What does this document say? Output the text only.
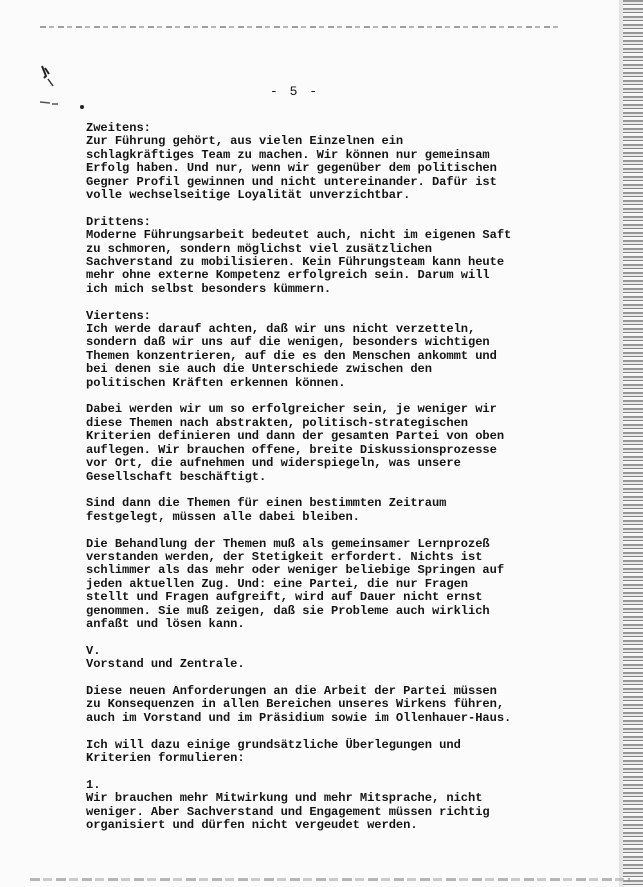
- 5 -

Zweitens:
Zur Führung gehört, aus vielen Einzelnen ein
schlagkräftiges Team zu machen. Wir können nur gemeinsam
Erfolg haben. Und nur, wenn wir gegenüber dem politischen
Gegner Profil gewinnen und nicht untereinander. Dafür ist
volle wechselseitige Loyalität unverzichtbar.

Drittens:
Moderne Führungsarbeit bedeutet auch, nicht im eigenen Saft
zu schmoren, sondern möglichst viel zusätzlichen
Sachverstand zu mobilisieren. Kein Führungsteam kann heute
mehr ohne externe Kompetenz erfolgreich sein. Darum will
ich mich selbst besonders kümmern.

Viertens:
Ich werde darauf achten, daß wir uns nicht verzetteln,
sondern daß wir uns auf die wenigen, besonders wichtigen
Themen konzentrieren, auf die es den Menschen ankommt und
bei denen sie auch die Unterschiede zwischen den
politischen Kräften erkennen können.

Dabei werden wir um so erfolgreicher sein, je weniger wir
diese Themen nach abstrakten, politisch-strategischen
Kriterien definieren und dann der gesamten Partei von oben
auflegen. Wir brauchen offene, breite Diskussionsprozesse
vor Ort, die aufnehmen und widerspiegeln, was unsere
Gesellschaft beschäftigt.

Sind dann die Themen für einen bestimmten Zeitraum
festgelegt, müssen alle dabei bleiben.

Die Behandlung der Themen muß als gemeinsamer Lernprozeß
verstanden werden, der Stetigkeit erfordert. Nichts ist
schlimmer als das mehr oder weniger beliebige Springen auf
jeden aktuellen Zug. Und: eine Partei, die nur Fragen
stellt und Fragen aufgreift, wird auf Dauer nicht ernst
genommen. Sie muß zeigen, daß sie Probleme auch wirklich
anfaßt und lösen kann.

V.
Vorstand und Zentrale.

Diese neuen Anforderungen an die Arbeit der Partei müssen
zu Konsequenzen in allen Bereichen unseres Wirkens führen,
auch im Vorstand und im Präsidium sowie im Ollenhauer-Haus.

Ich will dazu einige grundsätzliche Überlegungen und
Kriterien formulieren:

1.
Wir brauchen mehr Mitwirkung und mehr Mitsprache, nicht
weniger. Aber Sachverstand und Engagement müssen richtig
organisiert und dürfen nicht vergeudet werden.
